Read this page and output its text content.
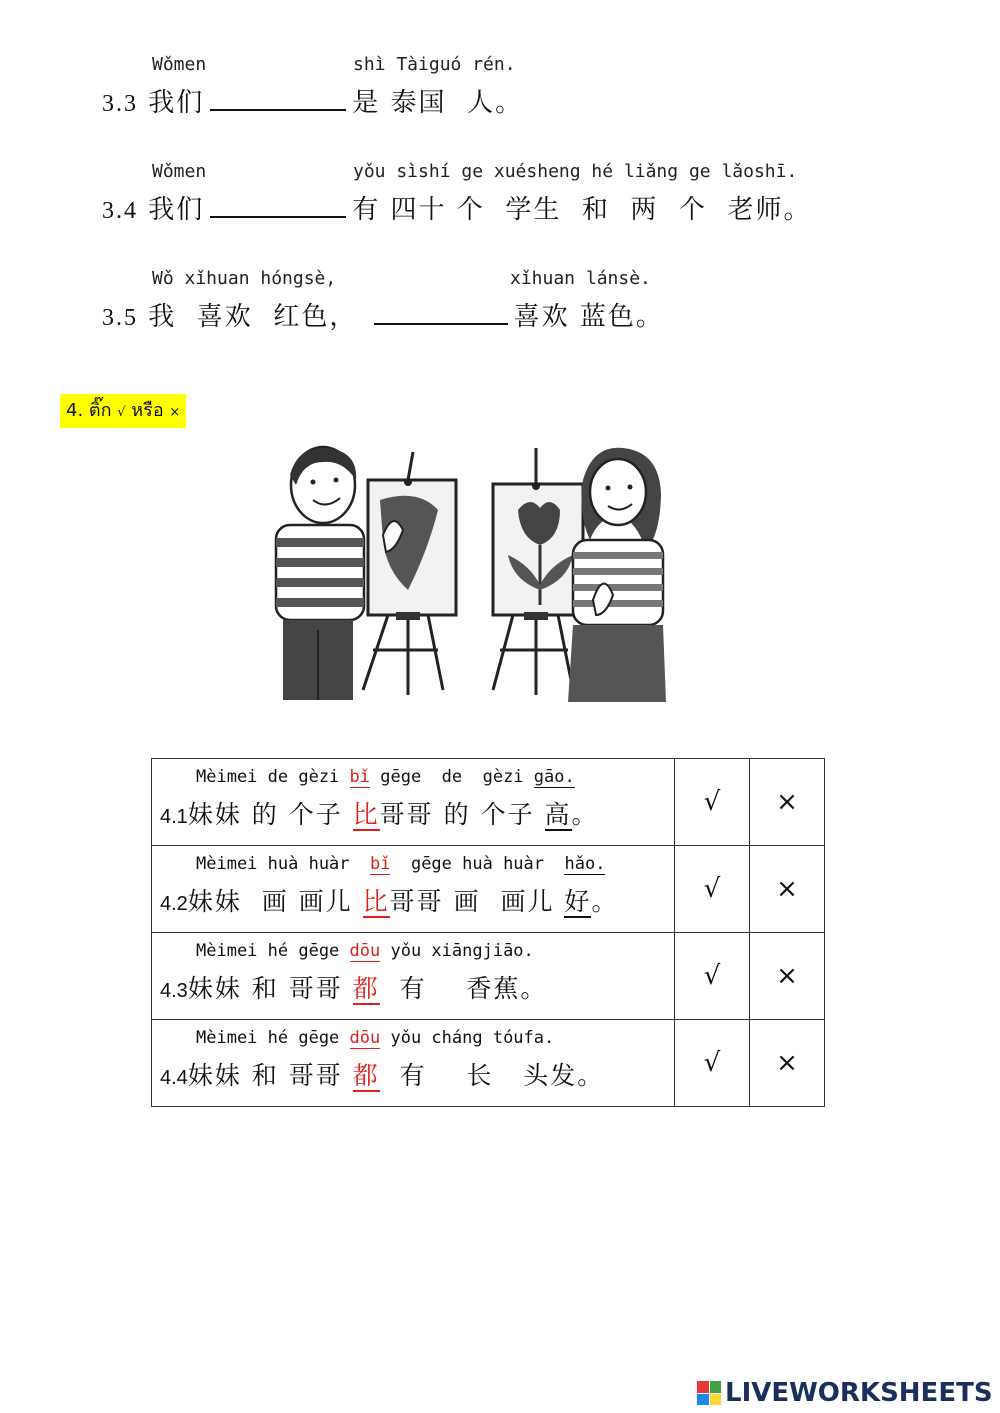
Wǒmen	shì Tàiguó rén.
3.3 我们	是 泰国  人。
Wǒmen	yǒu sìshí ge xuésheng hé liǎng ge lǎoshī.
3.4 我们	有 四十 个  学生  和  两  个  老师。
Wǒ xǐhuan hóngsè,	xǐhuan lánsè.
3.5 我  喜欢  红色，	喜欢 蓝色。
4. ติ๊ก √ หรือ ×
Mèimei de gèzi bǐ gēge  de  gèzi gāo.
4.1妹妹 的 个子 比哥哥 的 个子 高。	√	×

Mèimei huà huàr  bǐ  gēge huà huàr  hǎo.
4.2妹妹  画 画儿 比哥哥 画  画儿 好。	√	×

Mèimei hé gēge dōu yǒu xiāngjiāo.
4.3妹妹 和 哥哥 都  有    香蕉。	√	×

Mèimei hé gēge dōu yǒu cháng tóufa.
4.4妹妹 和 哥哥 都  有    长   头发。	√	×
LIVEWORKSHEETS
